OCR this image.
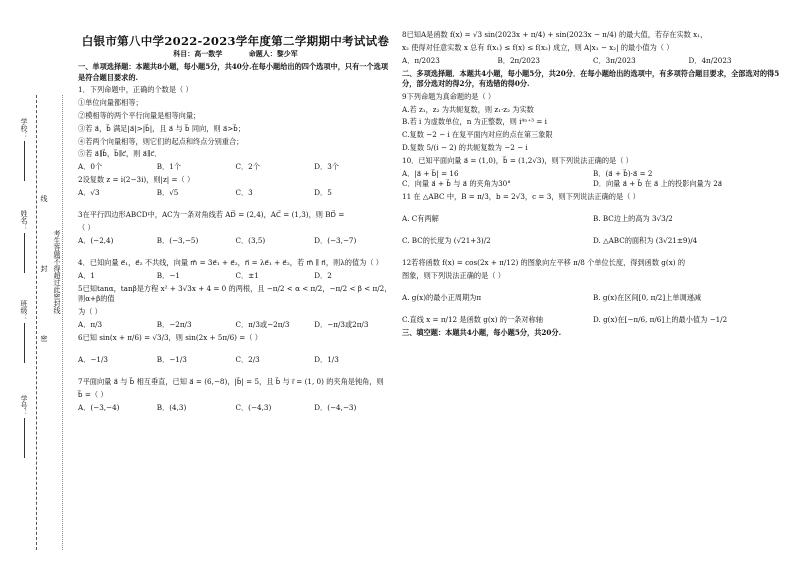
学校：
姓名：
班级：
学号：
线
封
密
考生答题不得超过此密封线
白银市第八中学2022-2023学年度第二学期期中考试试卷
科目：高一数学	命题人：黎少军

一、单项选择题：本题共8小题，每小题5分，共40分.在每小题给出的四个选项中，只有一个选项是符合题目要求的.

1．下列命题中，正确的个数是（ ）

①单位向量都相等；

②模相等的两个平行向量是相等向量；

③若 a⃗，b⃗ 满足|a⃗|>|b⃗|，且 a⃗ 与 b⃗ 同向，则 a⃗>b⃗；

④若两个向量相等，则它们的起点和终点分别重合；

⑤若 a⃗∥b⃗，b⃗∥c⃗，则 a⃗∥c⃗．

A．0个	B．1个	C．2个	D．3个

2设复数 z = i(2−3i)，则|z| =（ ）

A．√3	B．√5	C．3	D．5

3在平行四边形ABCD中，AC为一条对角线若 AD⃗ = (2,4)，AC⃗ = (1,3)，则 BD⃗ =

（ ）

A．(−2,4)	B．(−3,−5)	C．(3,5)	D．(−3,−7)

4．已知向量 e⃗₁，e⃗₂ 不共线，向量 m⃗ = 3e⃗₁ + e⃗₂，n⃗ = λe⃗₁ + e⃗₂，若 m⃗ ∥ n⃗，则λ的值为（ ）

A．1	B．−1	C．±1	D．2

5已知tanα，tanβ是方程 x² + 3√3x + 4 = 0 的两根，且 −π/2 < α < π/2，−π/2 < β < π/2，则α+β的值

为（ ）

A．π/3	B．−2π/3	C．π/3或−2π/3	D．−π/3或2π/3

6已知 sin(x + π/6) = √3/3，则 sin(2x + 5π/6) =（ ）

A．−1/3	B．−1/3	C．2/3	D．1/3

7平面向量 a⃗ 与 b⃗ 相互垂直，已知 a⃗ = (6,−8)，|b⃗| = 5，且 b⃗ 与 i⃗ = (1, 0) 的夹角是钝角，则

b⃗ =（ ）

A．(−3,−4)	B．(4,3)	C．(−4,3)	D．(−4,−3)

8已知A是函数 f(x) = √3 sin(2023x + π/4) + sin(2023x − π/4) 的最大值，若存在实数 x₁，

x₂ 使得对任意实数 x 总有 f(x₁) ≤ f(x) ≤ f(x₂) 成立，则 A|x₁ − x₂| 的最小值为（ ）

A．π/2023	B．2π/2023	C．3π/2023	D．4π/2023

二、多项选择题．本题共4小题，每小题5分，共20分．在每小题给出的选项中，有多项符合题目要求，全部选对的得5分，部分选对的得2分，有选错的得0分.

9下列命题为真命题的是（ ）

A.若 z₁，z₂ 为共轭复数，则 z₁·z₂ 为实数

B.若 i 为虚数单位，n 为正整数，则 i⁴ⁿ⁺³ = i

C.复数 −2 − i 在复平面内对应的点在第三象限

D.复数 5/(i − 2) 的共轭复数为 −2 − i

10．已知平面向量 a⃗ = (1,0)，b⃗ = (1,2√3)，则下列说法正确的是（ ）

A．|a⃗ + b⃗| = 16	B．(a⃗ + b⃗)·a⃗ = 2
C．向量 a⃗ + b⃗ 与 a⃗ 的夹角为30°	D．向量 a⃗ + b⃗ 在 a⃗ 上的投影向量为 2a⃗

11 在 △ABC 中，B = π/3，b = 2√3，c = 3，则下列说法正确的是（ ）

A. C有两解	B. BC边上的高为 3√3/2
C. BC的长度为 (√21+3)/2	D. △ABC的面积为 (3√21±9)/4

12若将函数 f(x) = cos(2x + π/12) 的图象向左平移 π/8 个单位长度，得到函数 g(x) 的

图象，则下列说法正确的是（ ）

A. g(x)的最小正周期为π	B. g(x)在区间[0, π/2]上单调递减
C.直线 x = π/12 是函数 g(x) 的一条对称轴	D. g(x)在[−π/6, π/6]上的最小值为 −1/2

三、填空题：本题共4小题，每小题5分，共20分.
